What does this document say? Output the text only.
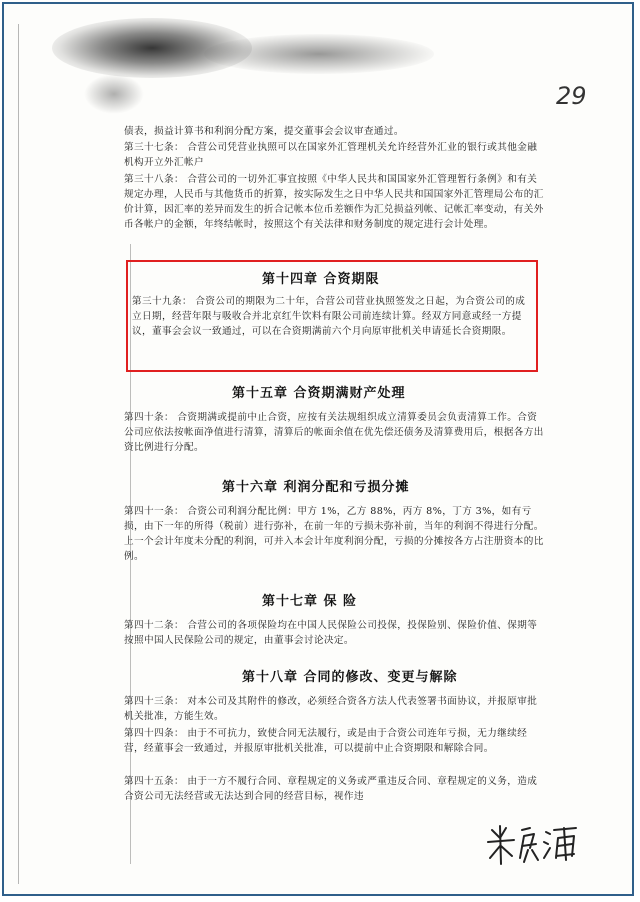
29
债表，损益计算书和利润分配方案，提交董事会会议审查通过。
第三十七条： 合营公司凭营业执照可以在国家外汇管理机关允许经营外汇业的银行或其他金融机构开立外汇帐户
第三十八条： 合营公司的一切外汇事宜按照《中华人民共和国国家外汇管理暂行条例》和有关规定办理，人民币与其他货币的折算，按实际发生之日中华人民共和国国家外汇管理局公布的汇价计算，因汇率的差异而发生的折合记帐本位币差额作为汇兑损益列帐、记帐汇率变动，有关外币各帐户的金额，年终结帐时，按照这个有关法律和财务制度的规定进行会计处理。
第十四章 合资期限
第三十九条： 合资公司的期限为二十年，合营公司营业执照签发之日起，为合资公司的成立日期，经营年限与吸收合并北京红牛饮料有限公司前连续计算。经双方同意或经一方提议，董事会会议一致通过，可以在合资期满前六个月向原审批机关申请延长合资期限。
第十五章 合资期满财产处理
第四十条： 合资期满或提前中止合资，应按有关法规组织成立清算委员会负责清算工作。合资公司应依法按帐面净值进行清算，清算后的帐面余值在优先偿还债务及清算费用后，根据各方出资比例进行分配。
第十六章 利润分配和亏损分摊
第四十一条： 合资公司利润分配比例：甲方 1%，乙方 88%，丙方 8%，丁方 3%，如有亏损，由下一年的所得（税前）进行弥补，在前一年的亏损未弥补前，当年的利润不得进行分配。上一个会计年度未分配的利润，可并入本会计年度利润分配，亏损的分摊按各方占注册资本的比例。
第十七章 保 险
第四十二条： 合营公司的各项保险均在中国人民保险公司投保，投保险别、保险价值、保期等按照中国人民保险公司的规定，由董事会讨论决定。
第十八章 合同的修改、变更与解除
第四十三条： 对本公司及其附件的修改，必须经合资各方法人代表签署书面协议，并报原审批机关批准，方能生效。
第四十四条： 由于不可抗力，致使合同无法履行，或是由于合资公司连年亏损，无力继续经营，经董事会一致通过，并报原审批机关批准，可以提前中止合资期限和解除合同。
第四十五条： 由于一方不履行合同、章程规定的义务或严重违反合同、章程规定的义务，造成合资公司无法经营或无法达到合同的经营目标，视作违
